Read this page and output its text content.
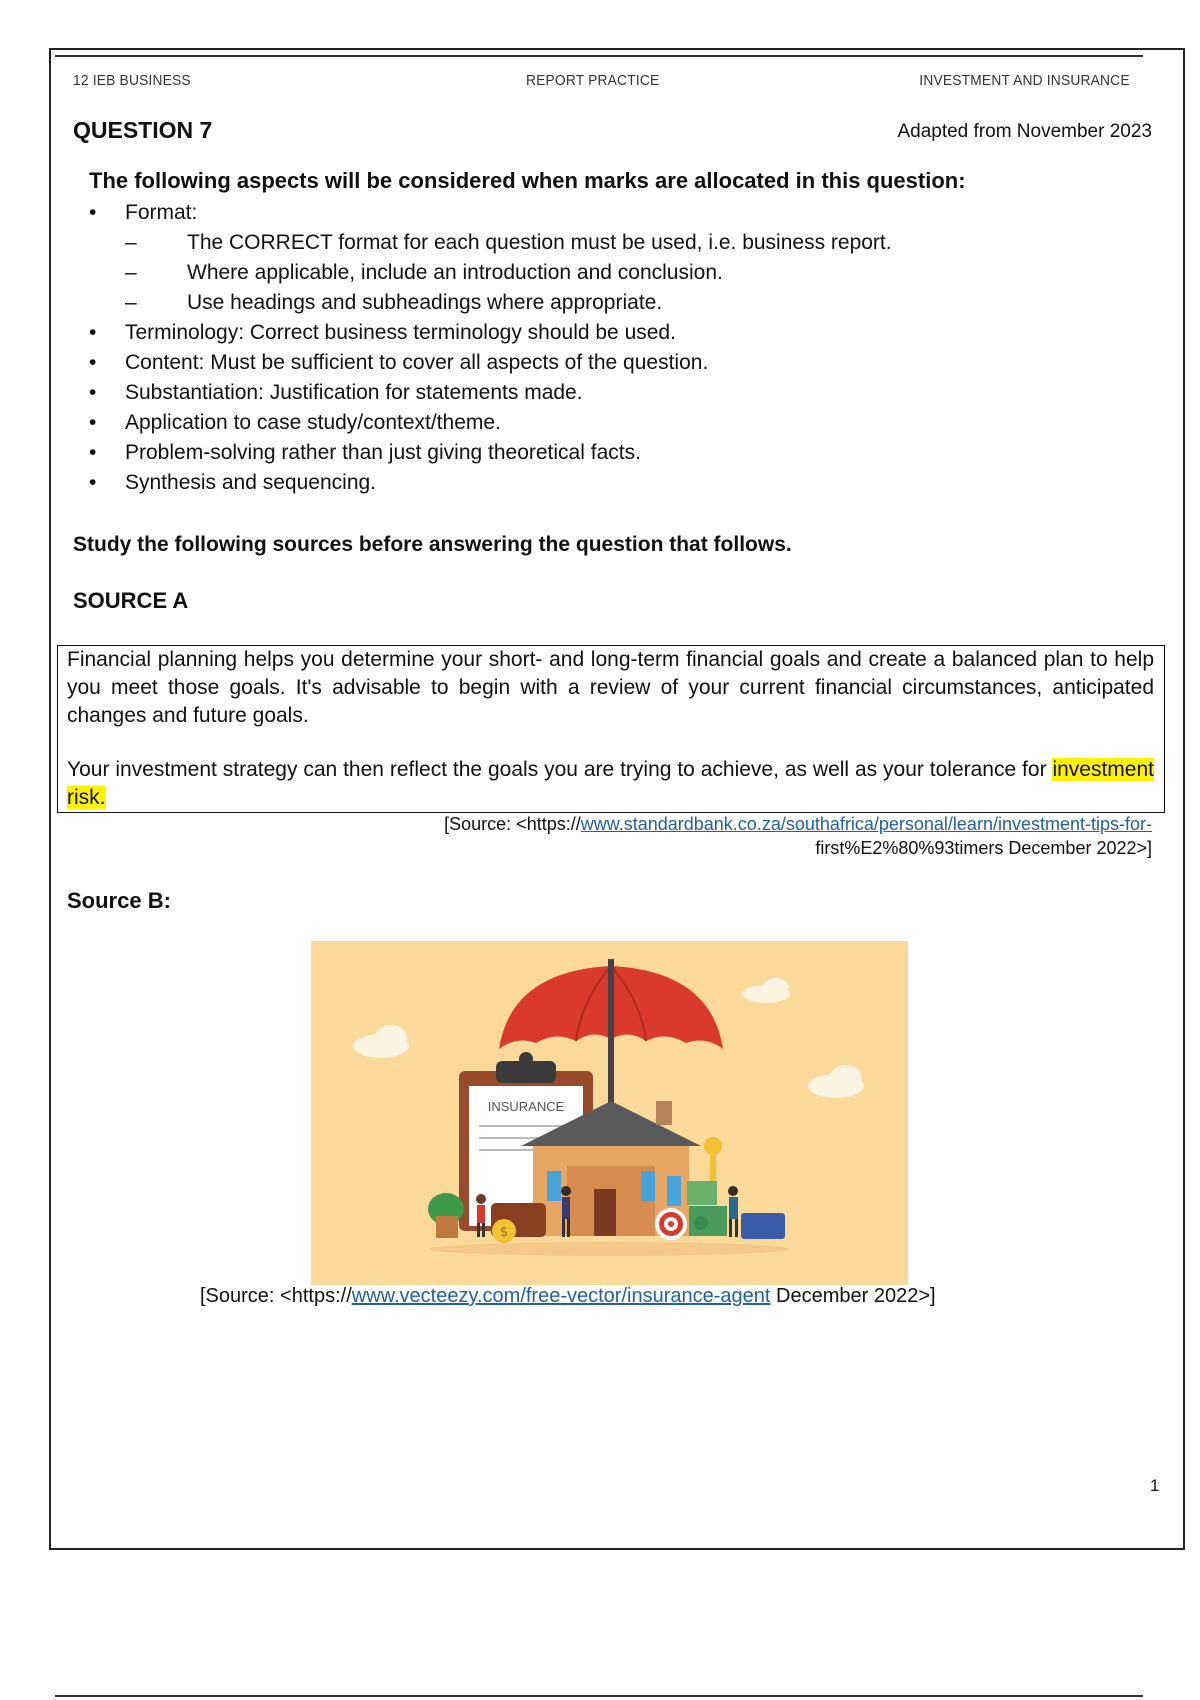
12 IEB BUSINESS	REPORT PRACTICE	INVESTMENT AND INSURANCE
QUESTION 7	Adapted from November 2023
The following aspects will be considered when marks are allocated in this question:
• Format:
– The CORRECT format for each question must be used, i.e. business report.
– Where applicable, include an introduction and conclusion.
– Use headings and subheadings where appropriate.
• Terminology: Correct business terminology should be used.
• Content: Must be sufficient to cover all aspects of the question.
• Substantiation: Justification for statements made.
• Application to case study/context/theme.
• Problem-solving rather than just giving theoretical facts.
• Synthesis and sequencing.
Study the following sources before answering the question that follows.
SOURCE A

Financial planning helps you determine your short- and long-term financial goals and create a balanced plan to help you meet those goals. It's advisable to begin with a review of your current financial circumstances, anticipated changes and future goals.

Your investment strategy can then reflect the goals you are trying to achieve, as well as your tolerance for investment risk.

[Source: <https://www.standardbank.co.za/southafrica/personal/learn/investment-tips-for-
first%E2%80%93timers December 2022>]
Source B:
INSURANCE
$
[Source: <https://www.vecteezy.com/free-vector/insurance-agent December 2022>]
1
